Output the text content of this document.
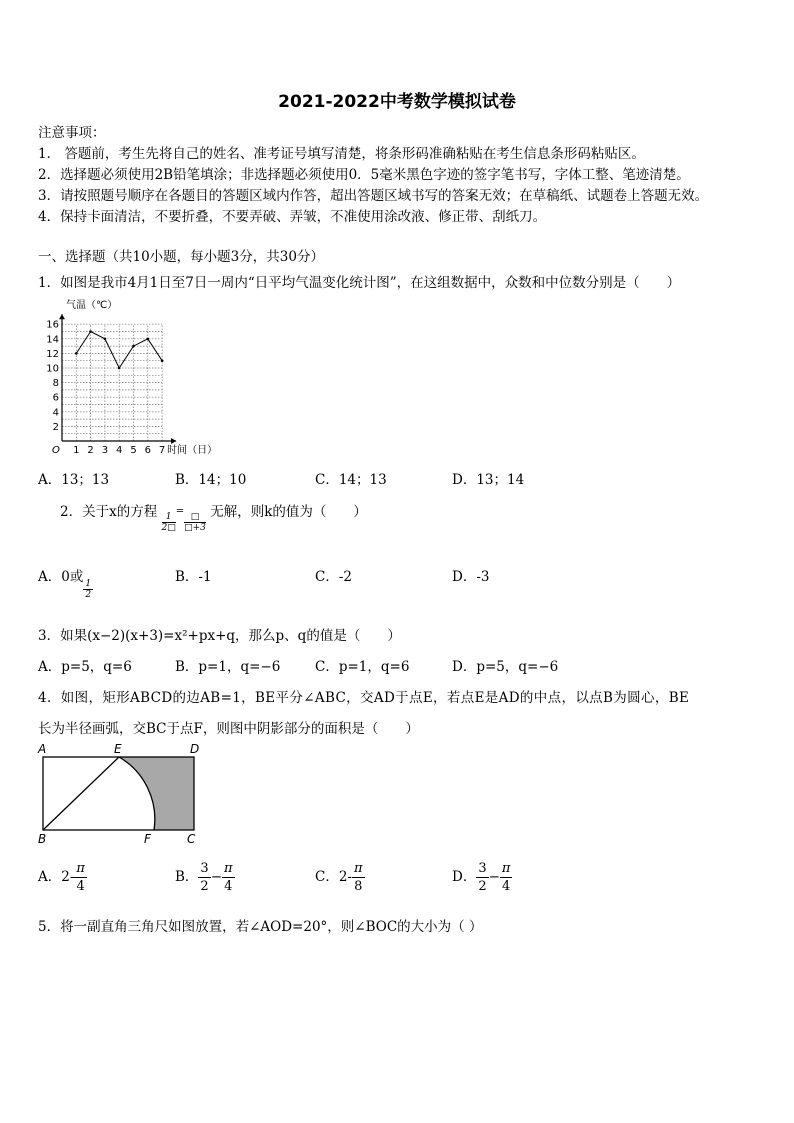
2021-2022中考数学模拟试卷
注意事项：
1． 答题前，考生先将自己的姓名、准考证号填写清楚，将条形码准确粘贴在考生信息条形码粘贴区。
2．选择题必须使用2B铅笔填涂；非选择题必须使用0．5毫米黑色字迹的签字笔书写，字体工整、笔迹清楚。
3．请按照题号顺序在各题目的答题区域内作答，超出答题区域书写的答案无效；在草稿纸、试题卷上答题无效。
4．保持卡面清洁，不要折叠，不要弄破、弄皱，不准使用涂改液、修正带、刮纸刀。
一、选择题（共10小题，每小题3分，共30分）
1．如图是我市4月1日至7日一周内“日平均气温变化统计图”，在这组数据中，众数和中位数分别是（　　）
1 2 3 4 5 6 7
2
4
6
8
10
12
14
16
O
气温（℃）
时间（日）
A．13；13	B．14；10	C．14；13	D．13；14
2．关于x的方程 $\frac{1}{2□}$
=
$\frac{□}{□+3}$ 无解，则k的值为（　　）
A．0或
$\frac{1}{2}$
B．-1	C．-2	D．-3
3．如果(x−2)(x+3)=x²+px+q，那么p、q的值是（　　）
A．p=5，q=6	B．p=1，q=−6	C．p=1，q=6	D．p=5，q=−6
4．如图，矩形ABCD的边AB=1，BE平分∠ABC，交AD于点E，若点E是AD的中点，以点B为圆心，BE
长为半径画弧，交BC于点F，则图中阴影部分的面积是（　　）
A	E	D
B	F	C
A．$2- \frac{\pi}{4}$	B． $\frac{3}{2} - \frac{\pi}{4}$	C．$2- \frac{\pi}{8}$	D． $\frac{3}{2} - \frac{\pi}{4}$
5．将一副直角三角尺如图放置，若∠AOD=20°，则∠BOC的大小为（ ）
